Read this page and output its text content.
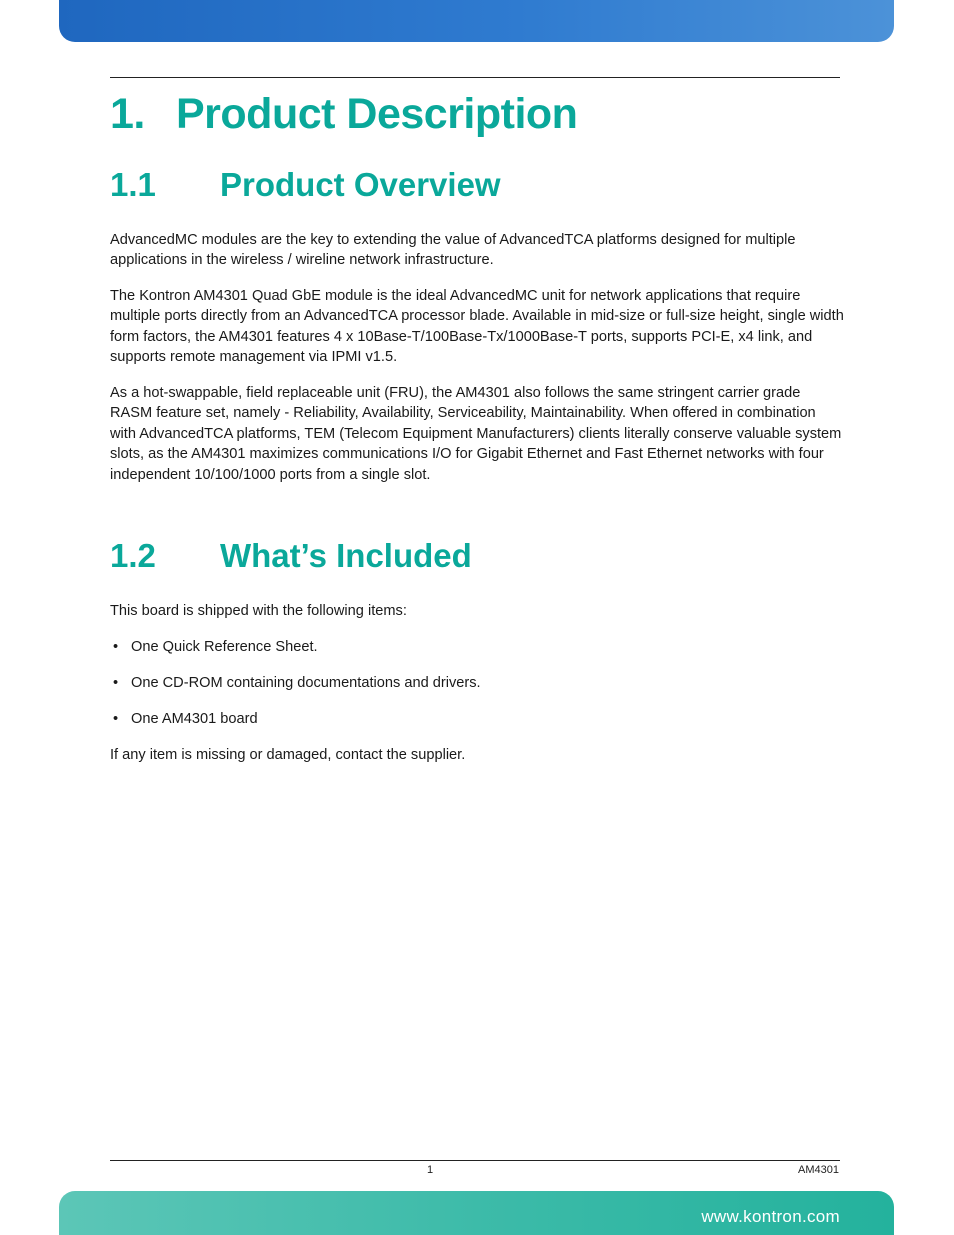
1. Product Description
1.1 Product Overview

AdvancedMC modules are the key to extending the value of AdvancedTCA platforms designed for multiple applications in the wireless / wireline network infrastructure.

The Kontron AM4301 Quad GbE module is the ideal AdvancedMC unit for network applications that require multiple ports directly from an AdvancedTCA processor blade. Available in mid-size or full-size height, single width form factors, the AM4301 features 4 x 10Base-T/100Base-Tx/1000Base-T ports, supports PCI-E, x4 link, and supports remote management via IPMI v1.5.

As a hot-swappable, field replaceable unit (FRU), the AM4301 also follows the same stringent carrier grade RASM feature set, namely - Reliability, Availability, Serviceability, Maintainability. When offered in combination with AdvancedTCA platforms, TEM (Telecom Equipment Manufacturers) clients literally conserve valuable system slots, as the AM4301 maximizes communications I/O for Gigabit Ethernet and Fast Ethernet networks with four independent 10/100/1000 ports from a single slot.

1.2 What’s Included

This board is shipped with the following items:

• One Quick Reference Sheet.
• One CD-ROM containing documentations and drivers.
• One AM4301 board

If any item is missing or damaged, contact the supplier.

1	AM4301
www.kontron.com
